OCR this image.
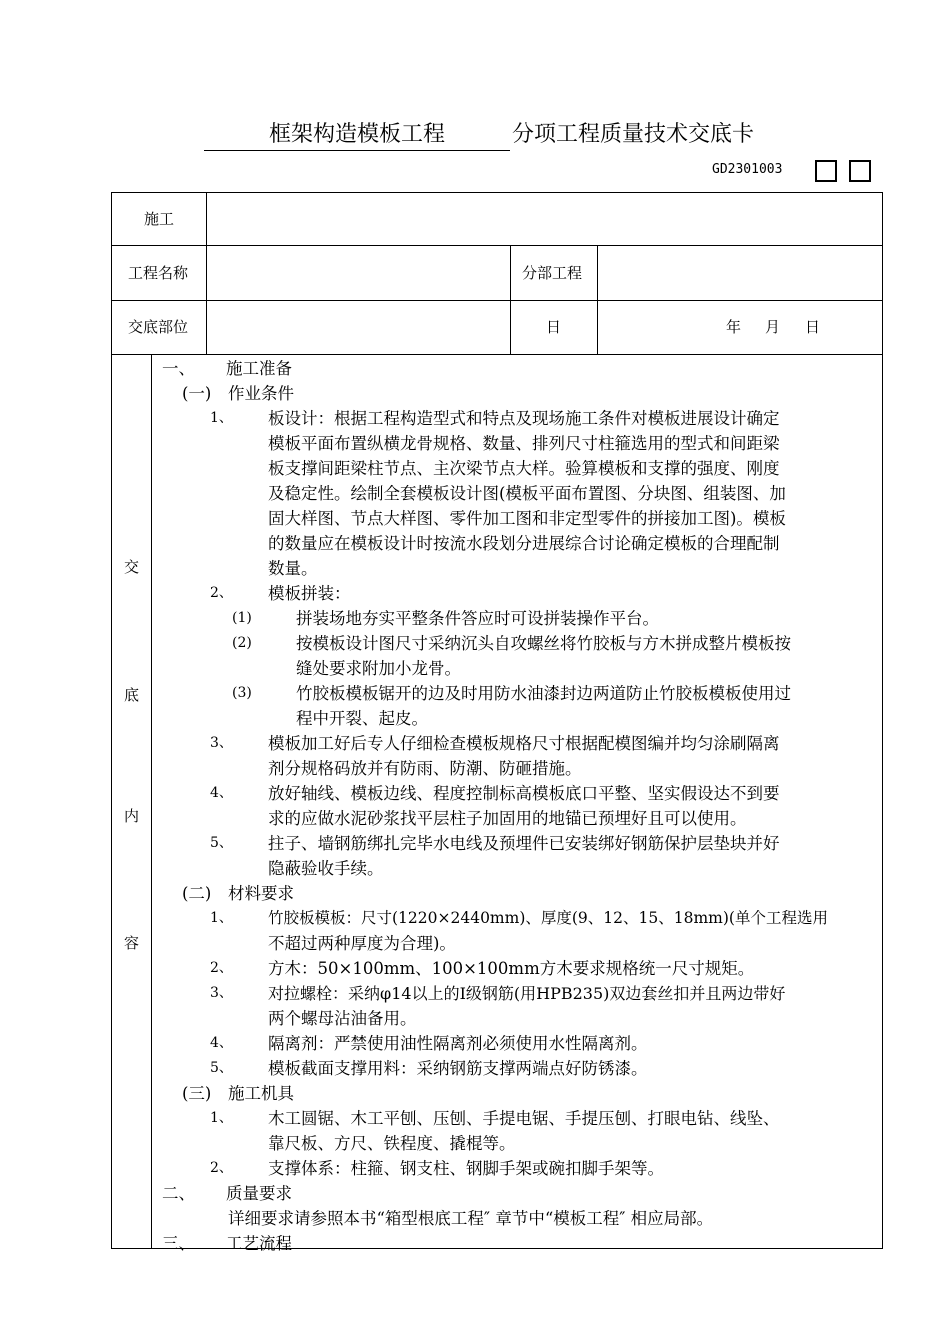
框架构造模板工程	分项工程质量技术交底卡
GD2301003
施工
工程名称	分部工程
交底部位	日	年 月 日
交
底
内
容
一、 施工准备
(一) 作业条件
1、 板设计：根据工程构造型式和特点及现场施工条件对模板进展设计确定
模板平面布置纵横龙骨规格、数量、排列尺寸柱箍选用的型式和间距梁
板支撑间距梁柱节点、主次梁节点大样。验算模板和支撑的强度、刚度
及稳定性。绘制全套模板设计图(模板平面布置图、分块图、组装图、加
固大样图、节点大样图、零件加工图和非定型零件的拼接加工图)。模板
的数量应在模板设计时按流水段划分进展综合讨论确定模板的合理配制
数量。
2、 模板拼装：
(1)	拼装场地夯实平整条件答应时可设拼装操作平台。
(2)	按模板设计图尺寸采纳沉头自攻螺丝将竹胶板与方木拼成整片模板按
缝处要求附加小龙骨。
(3)	竹胶板模板锯开的边及时用防水油漆封边两道防止竹胶板模板使用过
程中开裂、起皮。
3、 模板加工好后专人仔细检查模板规格尺寸根据配模图编并均匀涂刷隔离
剂分规格码放并有防雨、防潮、防砸措施。
4、 放好轴线、模板边线、程度控制标高模板底口平整、坚实假设达不到要
求的应做水泥砂浆找平层柱子加固用的地锚已预埋好且可以使用。
5、 拄子、墙钢筋绑扎完毕水电线及预埋件已安装绑好钢筋保护层垫块并好
隐蔽验收手续。
(二) 材料要求
1、 竹胶板模板：尺寸(1220×2440mm)、厚度(9、12、15、18mm)(单个工程选用
不超过两种厚度为合理)。
2、 方木：50×100mm、100×100mm方木要求规格统一尺寸规矩。
3、 对拉螺栓：采纳φ14以上的Ⅰ级钢筋(用HPB235)双边套丝扣并且两边带好
两个螺母沾油备用。
4、 隔离剂：严禁使用油性隔离剂必须使用水性隔离剂。
5、 模板截面支撑用料：采纳钢筋支撑两端点好防锈漆。
(三) 施工机具
1、 木工圆锯、木工平刨、压刨、手提电锯、手提压刨、打眼电钻、线坠、
靠尺板、方尺、铁程度、撬棍等。
2、 支撑体系：柱箍、钢支柱、钢脚手架或碗扣脚手架等。
二、 质量要求
详细要求请参照本书“箱型根底工程″ 章节中“模板工程″ 相应局部。
三、 工艺流程
